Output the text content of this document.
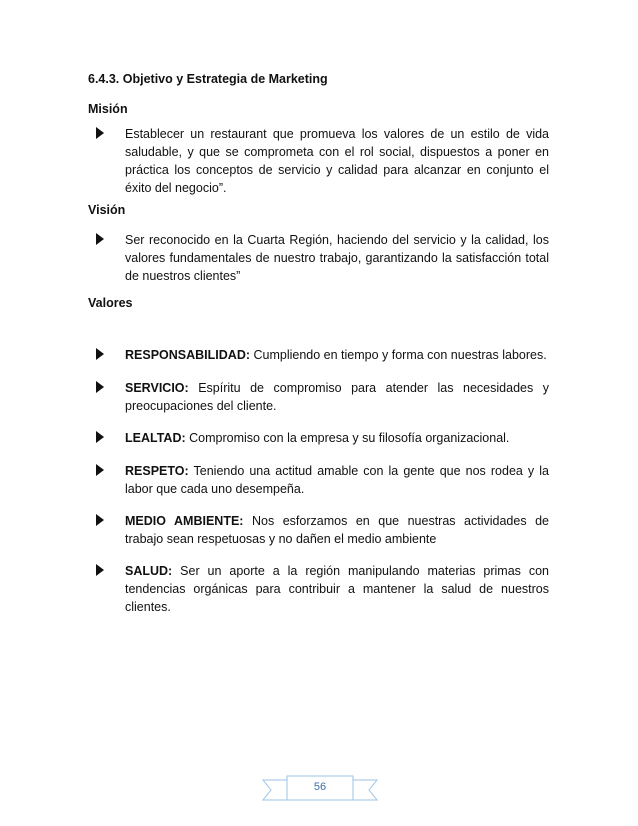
6.4.3. Objetivo y Estrategia de Marketing
Misión

Establecer un restaurant que promueva los valores de un estilo de vida saludable, y que se comprometa con el rol social, dispuestos a poner en práctica los conceptos de servicio y calidad para alcanzar en conjunto el éxito del negocio”.

Visión

Ser reconocido en la Cuarta Región, haciendo del servicio y la calidad, los valores fundamentales de nuestro trabajo, garantizando la satisfacción total de nuestros clientes”

Valores

RESPONSABILIDAD: Cumpliendo en tiempo y forma con nuestras labores.

SERVICIO: Espíritu de compromiso para atender las necesidades y preocupaciones del cliente.

LEALTAD: Compromiso con la empresa y su filosofía organizacional.

RESPETO: Teniendo una actitud amable con la gente que nos rodea y la labor que cada uno desempeña.

MEDIO AMBIENTE: Nos esforzamos en que nuestras actividades de trabajo sean respetuosas y no dañen el medio ambiente

SALUD: Ser un aporte a la región manipulando materias primas con tendencias orgánicas para contribuir a mantener la salud de nuestros clientes.

56
